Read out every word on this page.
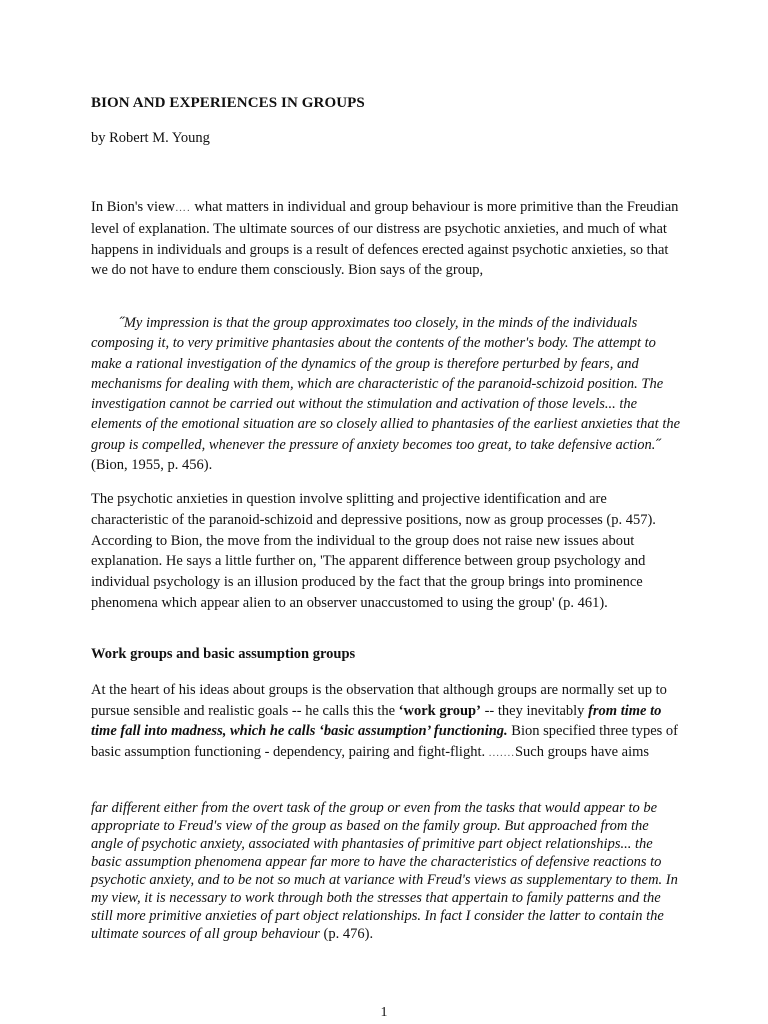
BION AND EXPERIENCES IN GROUPS

by Robert M. Young

In Bion's view…. what matters in individual and group behaviour is more primitive than the Freudian level of explanation. The ultimate sources of our distress are psychotic anxieties, and much of what happens in individuals and groups is a result of defences erected against psychotic anxieties, so that we do not have to endure them consciously. Bion says of the group,

˝My impression is that the group approximates too closely, in the minds of the individuals composing it, to very primitive phantasies about the contents of the mother's body. The attempt to make a rational investigation of the dynamics of the group is therefore perturbed by fears, and mechanisms for dealing with them, which are characteristic of the paranoid-schizoid position. The investigation cannot be carried out without the stimulation and activation of those levels... the elements of the emotional situation are so closely allied to phantasies of the earliest anxieties that the group is compelled, whenever the pressure of anxiety becomes too great, to take defensive action.˝ (Bion, 1955, p. 456).

The psychotic anxieties in question involve splitting and projective identification and are characteristic of the paranoid-schizoid and depressive positions, now as group processes (p. 457). According to Bion, the move from the individual to the group does not raise new issues about explanation. He says a little further on, 'The apparent difference between group psychology and individual psychology is an illusion produced by the fact that the group brings into prominence phenomena which appear alien to an observer unaccustomed to using the group' (p. 461).

Work groups and basic assumption groups

At the heart of his ideas about groups is the observation that although groups are normally set up to pursue sensible and realistic goals -- he calls this the ‘work group’ -- they inevitably from time to time fall into madness, which he calls ‘basic assumption’ functioning. Bion specified three types of basic assumption functioning - dependency, pairing and fight-flight. .......Such groups have aims

far different either from the overt task of the group or even from the tasks that would appear to be appropriate to Freud's view of the group as based on the family group. But approached from the angle of psychotic anxiety, associated with phantasies of primitive part object relationships... the basic assumption phenomena appear far more to have the characteristics of defensive reactions to psychotic anxiety, and to be not so much at variance with Freud's views as supplementary to them. In my view, it is necessary to work through both the stresses that appertain to family patterns and the still more primitive anxieties of part object relationships. In fact I consider the latter to contain the ultimate sources of all group behaviour (p. 476).

1
